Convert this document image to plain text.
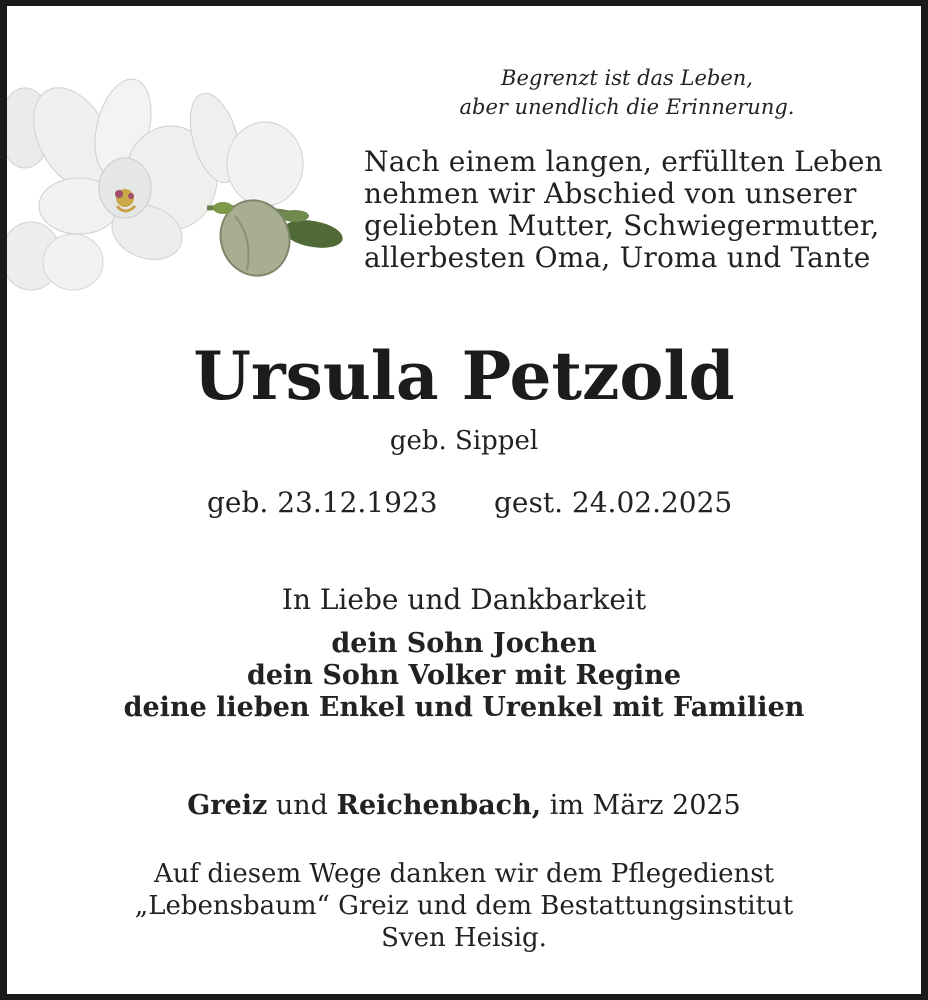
Begrenzt ist das Leben,
aber unendlich die Erinnerung.
Nach einem langen, erfüllten Leben
nehmen wir Abschied von unserer
geliebten Mutter, Schwiegermutter,
allerbesten Oma, Uroma und Tante
Ursula Petzold
geb. Sippel
geb. 23.12.1923 gest. 24.02.2025
In Liebe und Dankbarkeit
dein Sohn Jochen
dein Sohn Volker mit Regine
deine lieben Enkel und Urenkel mit Familien
Greiz und Reichenbach, im März 2025
Auf diesem Wege danken wir dem Pflegedienst
„Lebensbaum“ Greiz und dem Bestattungsinstitut
Sven Heisig.
